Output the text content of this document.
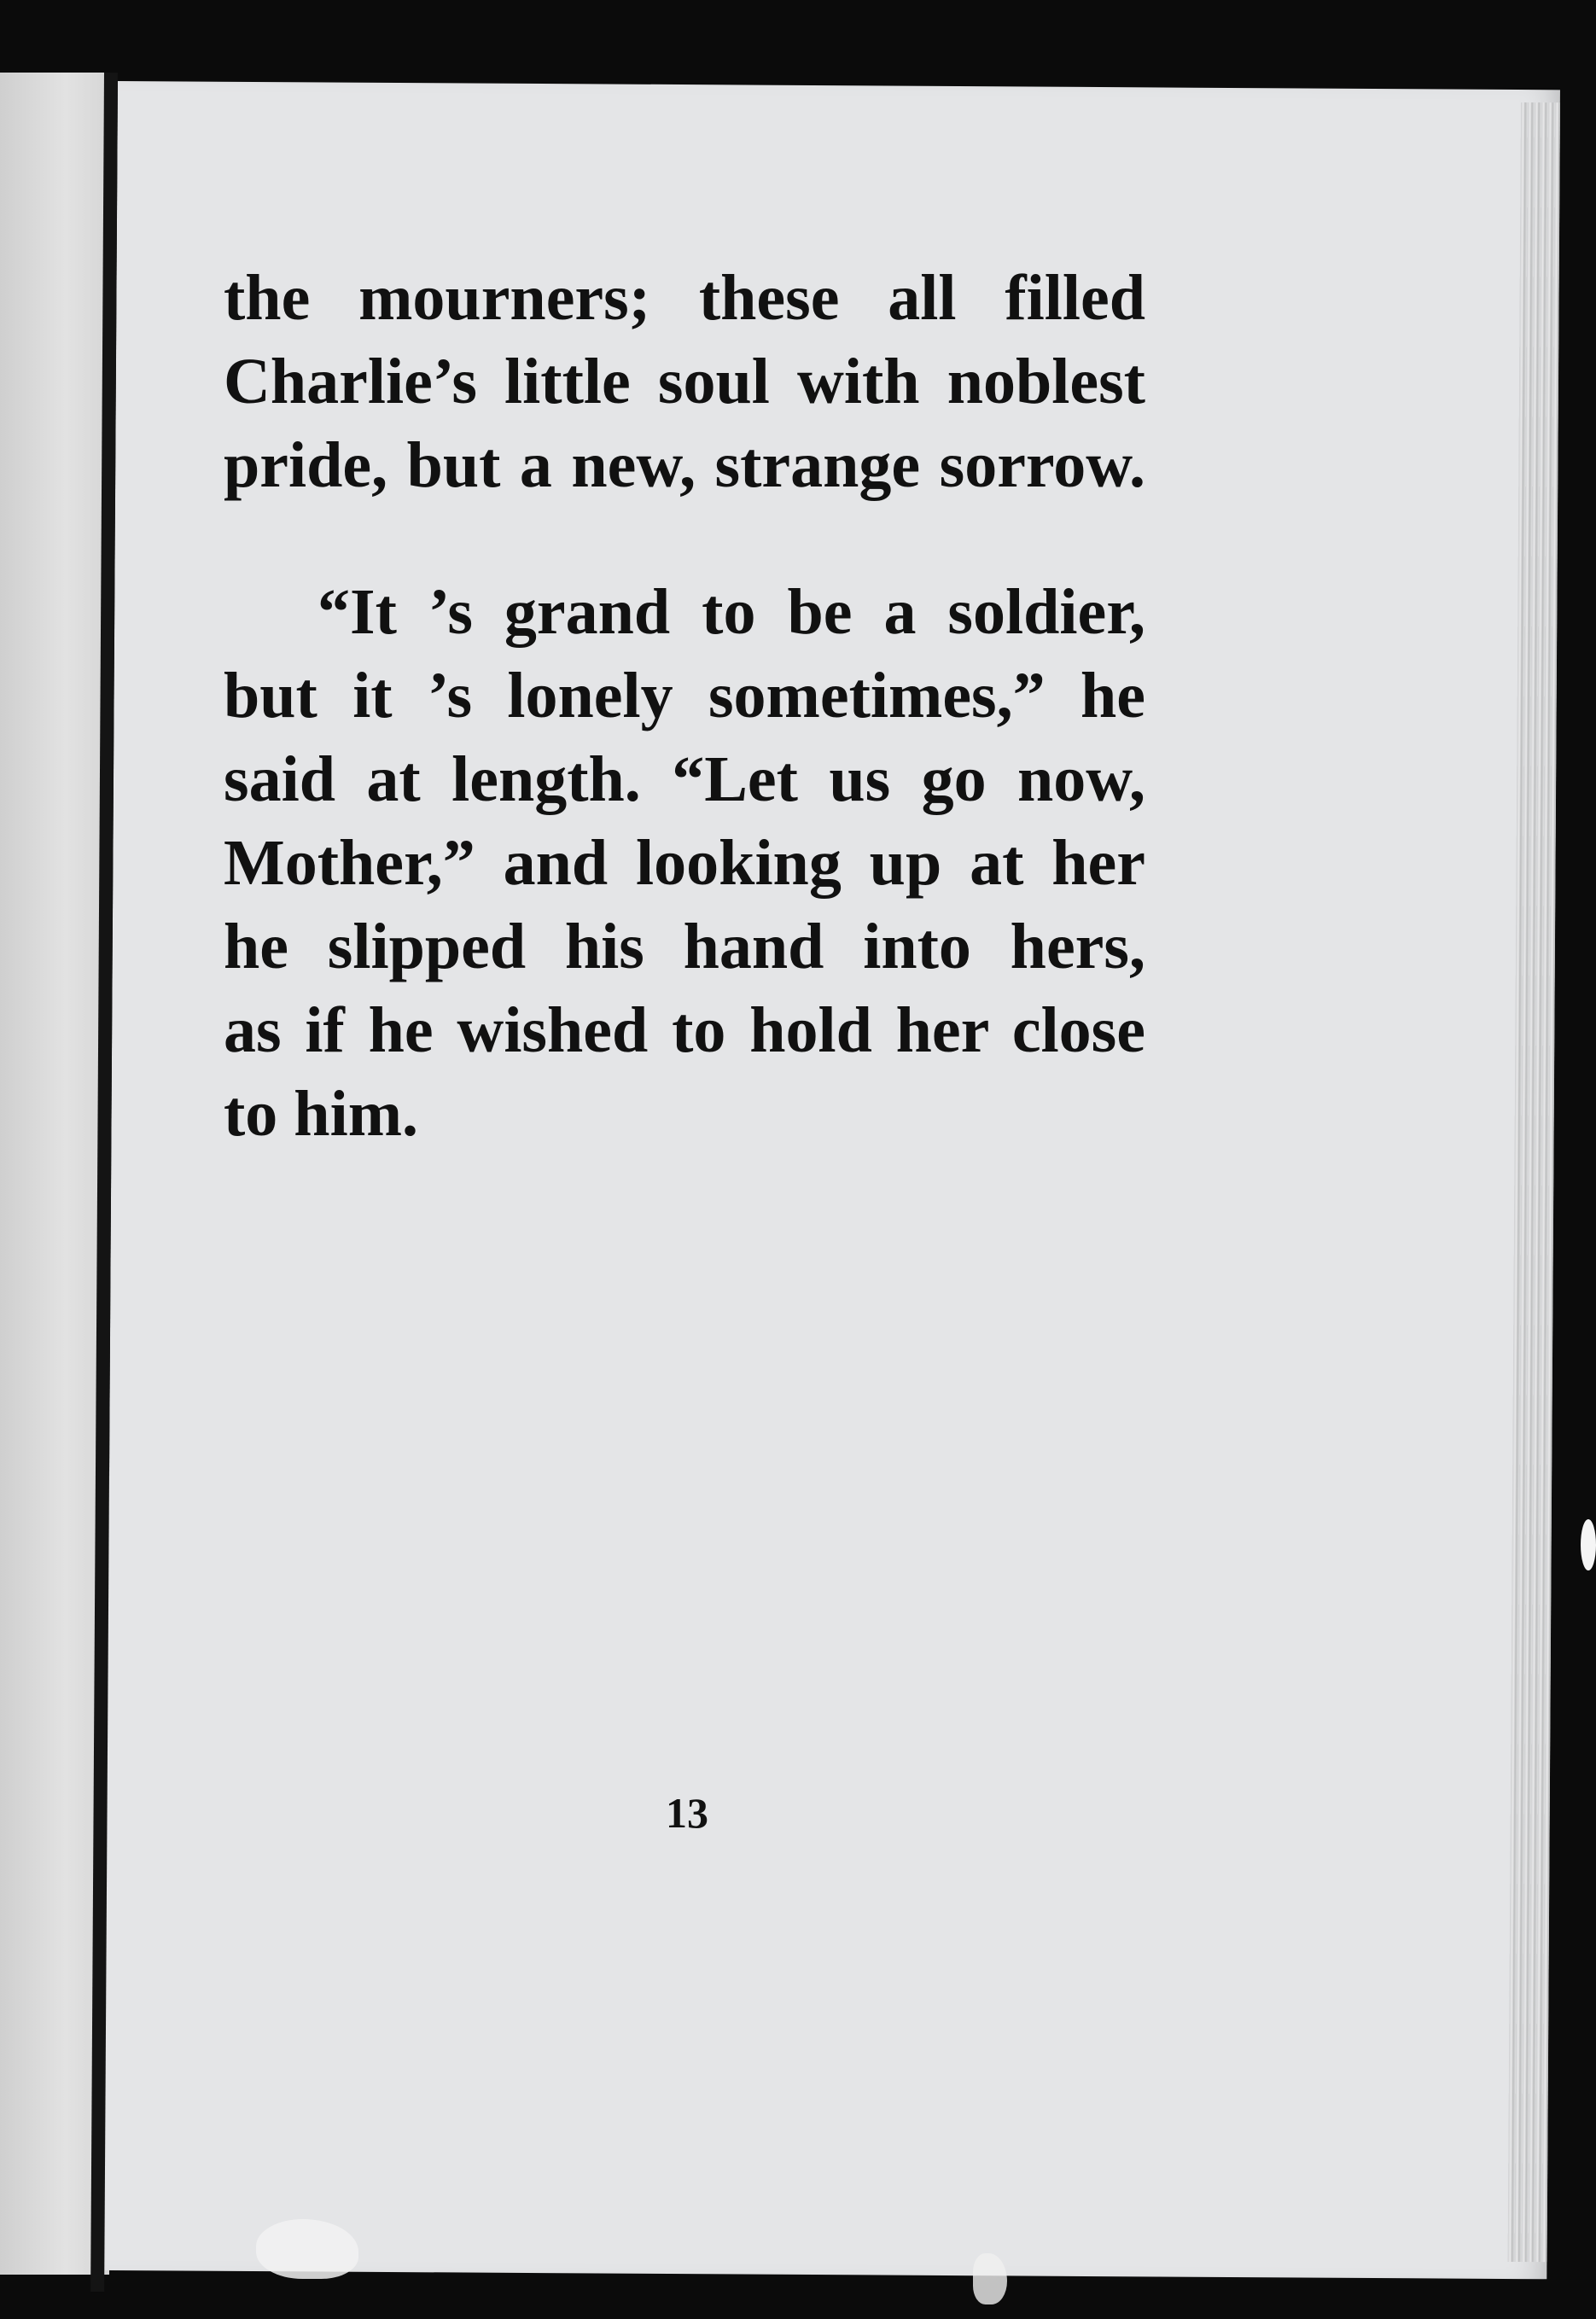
the mourners; these all filled
Charlie’s little soul with noblest
pride, but a new, strange sorrow.

“It ’s grand to be a soldier,
but it ’s lonely sometimes,” he
said at length. “Let us go now,
Mother,” and looking up at her
he slipped his hand into hers,
as if he wished to hold her close
to him.

13
